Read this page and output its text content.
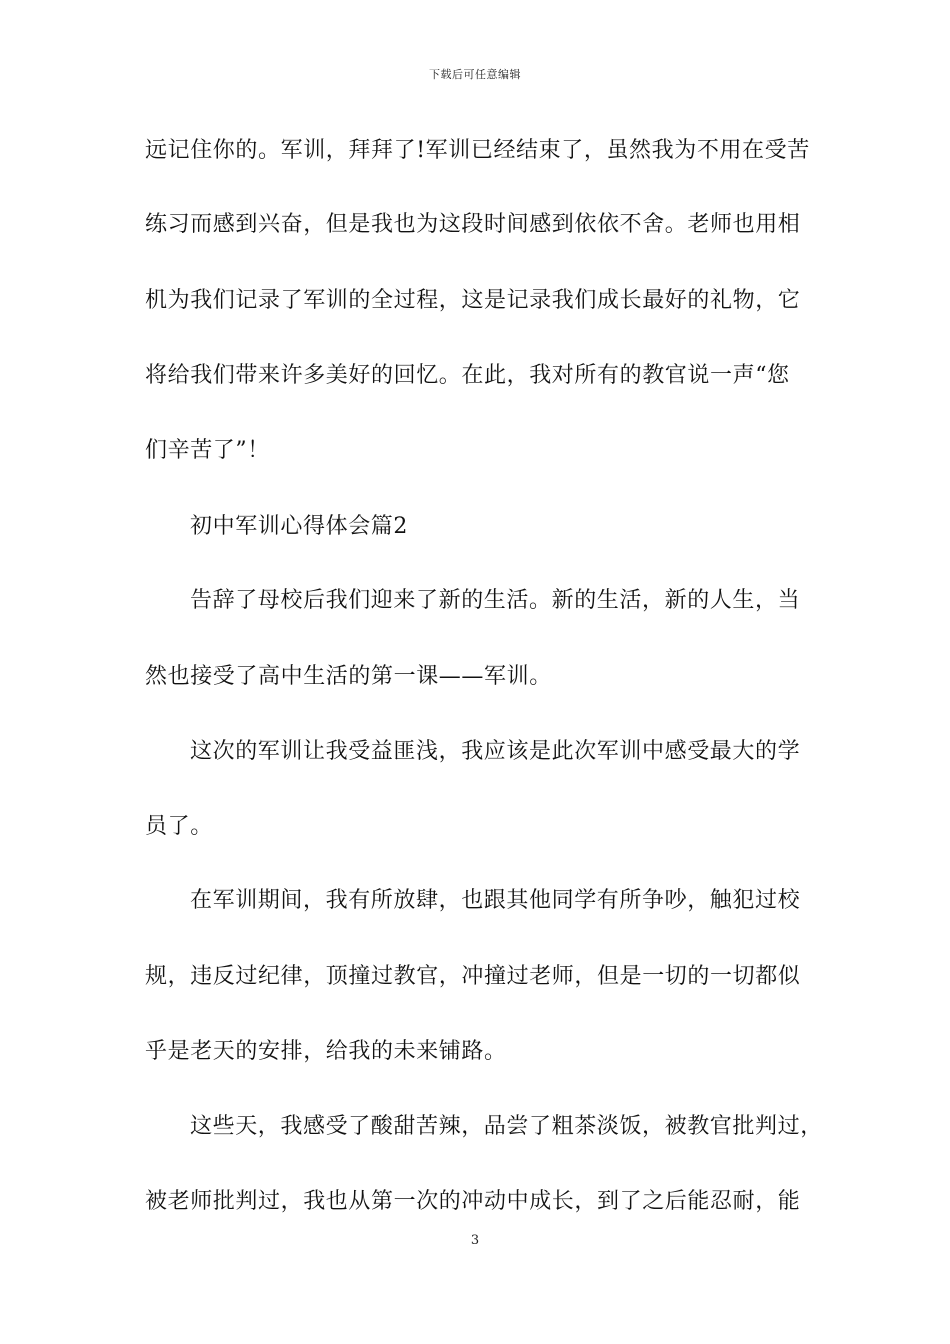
下载后可任意编辑
远记住你的。军训，拜拜了!军训已经结束了，虽然我为不用在受苦
练习而感到兴奋，但是我也为这段时间感到依依不舍。老师也用相
机为我们记录了军训的全过程，这是记录我们成长最好的礼物，它
将给我们带来许多美好的回忆。在此，我对所有的教官说一声“您
们辛苦了”！
初中军训心得体会篇2
告辞了母校后我们迎来了新的生活。新的生活，新的人生，当
然也接受了高中生活的第一课——军训。
这次的军训让我受益匪浅，我应该是此次军训中感受最大的学
员了。
在军训期间，我有所放肆，也跟其他同学有所争吵，触犯过校
规，违反过纪律，顶撞过教官，冲撞过老师，但是一切的一切都似
乎是老天的安排，给我的未来铺路。
这些天，我感受了酸甜苦辣，品尝了粗茶淡饭，被教官批判过，
被老师批判过，我也从第一次的冲动中成长，到了之后能忍耐，能
3
